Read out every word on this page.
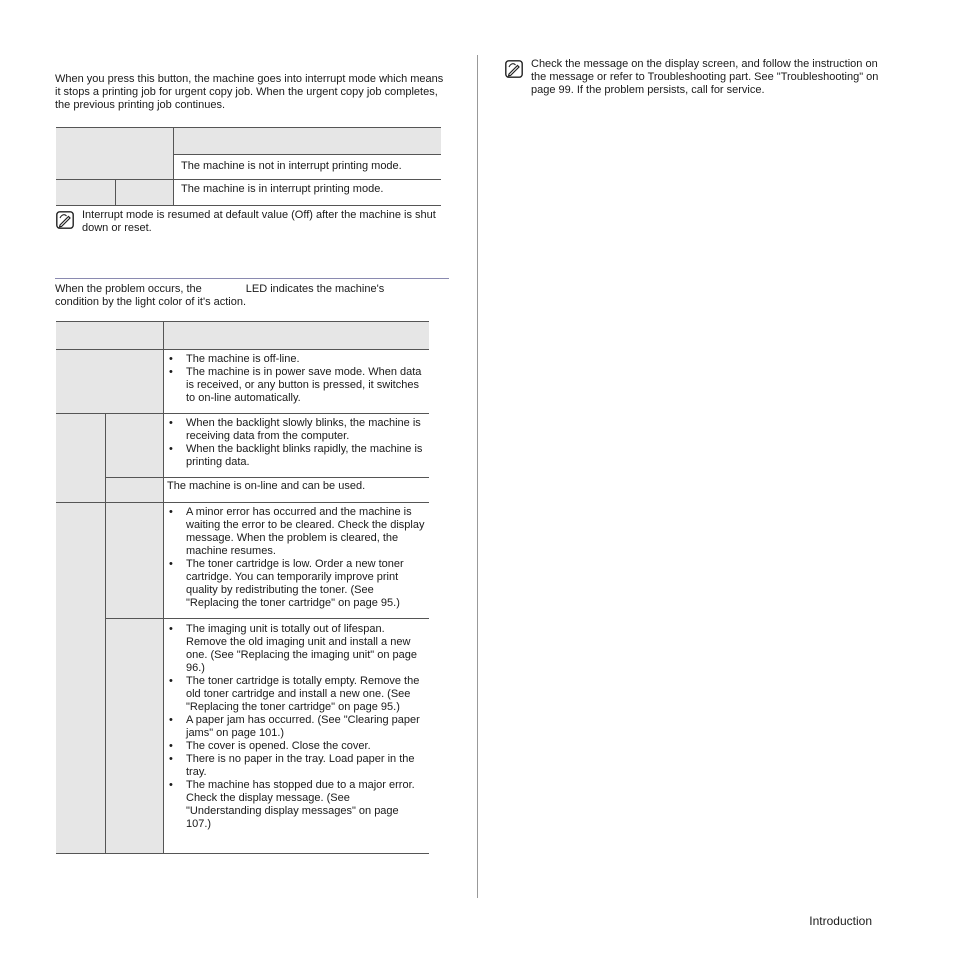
When you press this button, the machine goes into interrupt mode which means it stops a printing job for urgent copy job. When the urgent copy job completes, the previous printing job continues.

The machine is not in interrupt printing mode.
The machine is in interrupt printing mode.

Interrupt mode is resumed at default value (Off) after the machine is shut down or reset.

When the problem occurs, the	LED indicates the machine's
condition by the light color of it's action.

• The machine is off-line.
• The machine is in power save mode. When data is received, or any button is pressed, it switches to on-line automatically.
• When the backlight slowly blinks, the machine is receiving data from the computer.
• When the backlight blinks rapidly, the machine is printing data.
The machine is on-line and can be used.
• A minor error has occurred and the machine is waiting the error to be cleared. Check the display message. When the problem is cleared, the machine resumes.
• The toner cartridge is low. Order a new toner cartridge. You can temporarily improve print quality by redistributing the toner. (See "Replacing the toner cartridge" on page 95.)
• The imaging unit is totally out of lifespan. Remove the old imaging unit and install a new one. (See "Replacing the imaging unit" on page 96.)
• The toner cartridge is totally empty. Remove the old toner cartridge and install a new one. (See "Replacing the toner cartridge" on page 95.)
• A paper jam has occurred. (See "Clearing paper jams" on page 101.)
• The cover is opened. Close the cover.
• There is no paper in the tray. Load paper in the tray.
• The machine has stopped due to a major error. Check the display message. (See "Understanding display messages" on page 107.)

Check the message on the display screen, and follow the instruction on the message or refer to Troubleshooting part. See "Troubleshooting" on page 99. If the problem persists, call for service.

Introduction
